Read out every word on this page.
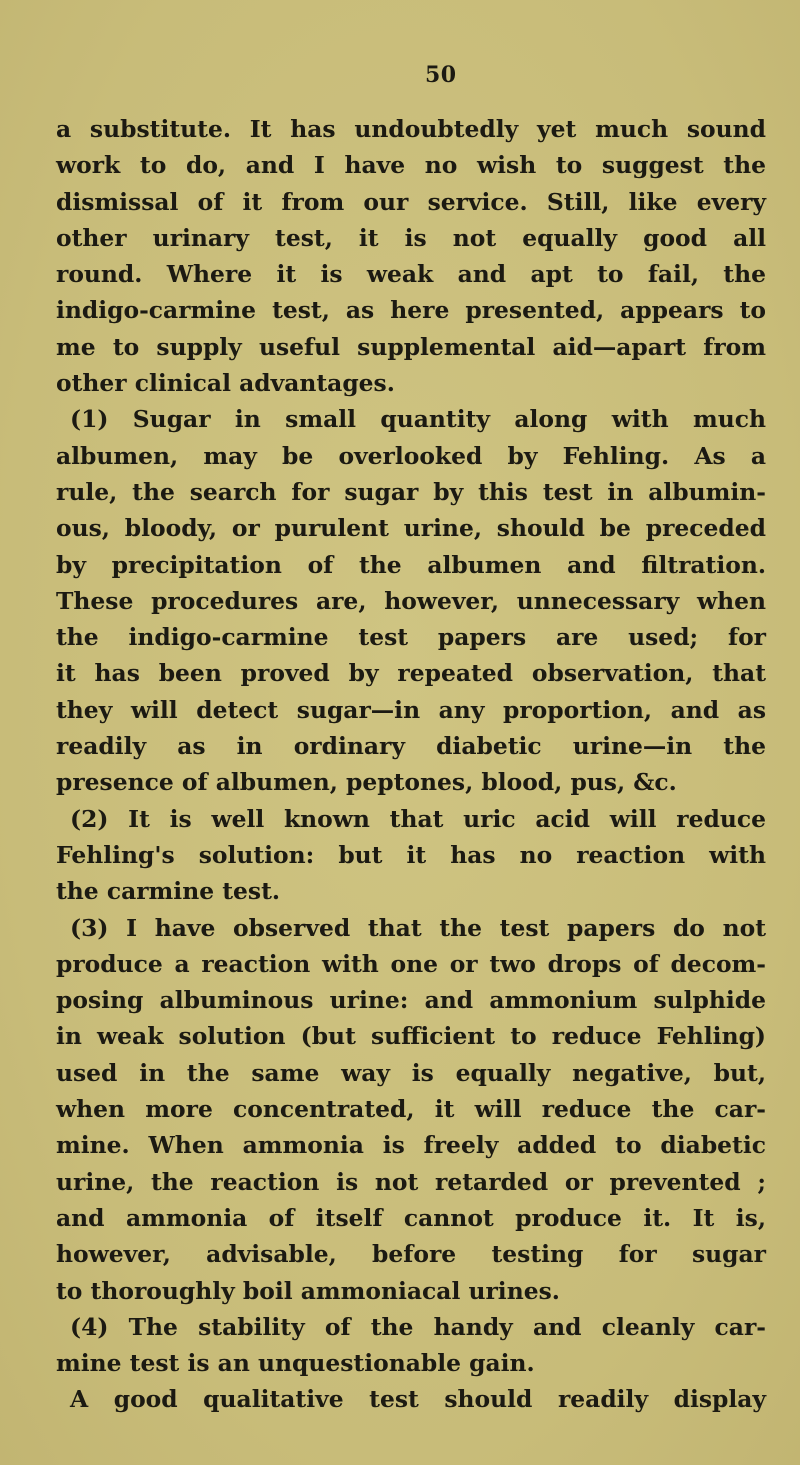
50
a substitute. It has undoubtedly yet much sound
work to do, and I have no wish to suggest the
dismissal of it from our service. Still, like every
other urinary test, it is not equally good all
round. Where it is weak and apt to fail, the
indigo-carmine test, as here presented, appears to
me to supply useful supplemental aid—apart from
other clinical advantages.
(1) Sugar in small quantity along with much
albumen, may be overlooked by Fehling. As a
rule, the search for sugar by this test in albumin-
ous, bloody, or purulent urine, should be preceded
by precipitation of the albumen and filtration.
These procedures are, however, unnecessary when
the indigo-carmine test papers are used; for
it has been proved by repeated observation, that
they will detect sugar—in any proportion, and as
readily as in ordinary diabetic urine—in the
presence of albumen, peptones, blood, pus, &c.
(2) It is well known that uric acid will reduce
Fehling's solution: but it has no reaction with
the carmine test.
(3) I have observed that the test papers do not
produce a reaction with one or two drops of decom-
posing albuminous urine: and ammonium sulphide
in weak solution (but sufficient to reduce Fehling)
used in the same way is equally negative, but,
when more concentrated, it will reduce the car-
mine. When ammonia is freely added to diabetic
urine, the reaction is not retarded or prevented ;
and ammonia of itself cannot produce it. It is,
however, advisable, before testing for sugar
to thoroughly boil ammoniacal urines.
(4) The stability of the handy and cleanly car-
mine test is an unquestionable gain.
A good qualitative test should readily display
